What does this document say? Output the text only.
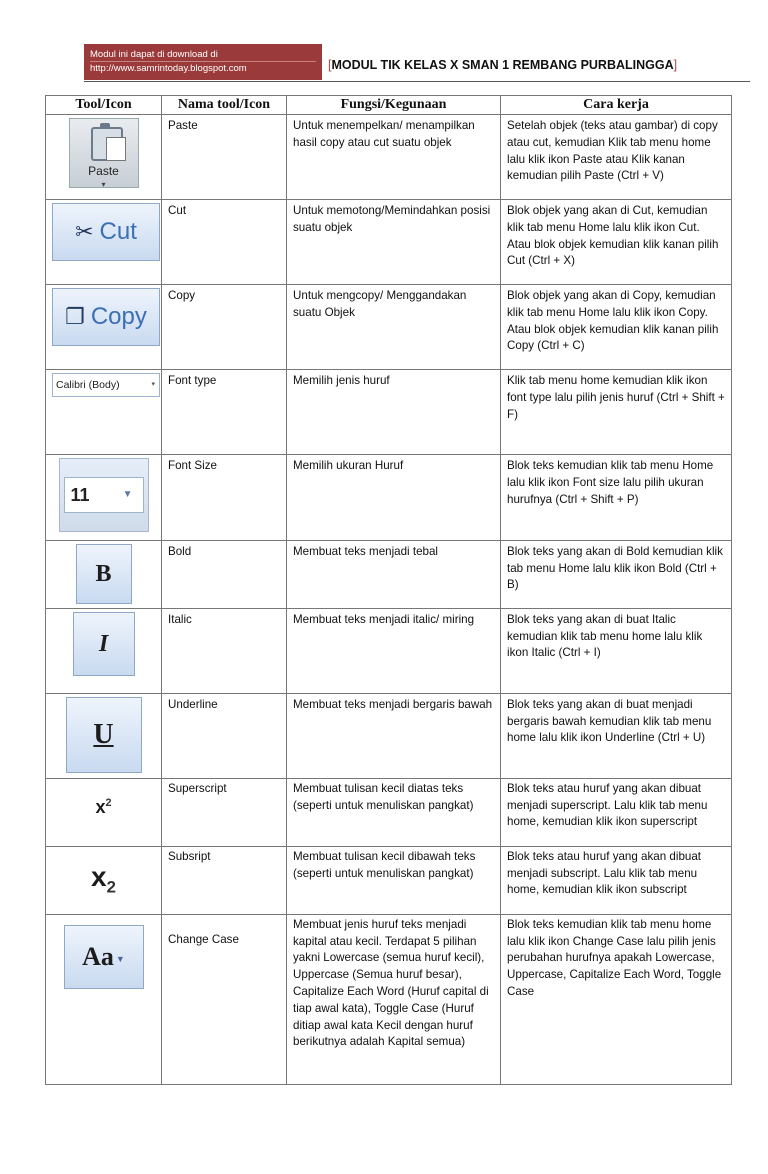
Modul ini dapat di download di
http://www.samrintoday.blogspot.com	[MODUL TIK KELAS X SMAN 1 REMBANG PURBALINGGA]
Tool/Icon	Nama tool/Icon	Fungsi/Kegunaan	Cara kerja

Paste
▾	Paste	Untuk menempelkan/ menampilkan hasil copy atau cut suatu objek	Setelah objek (teks atau gambar) di copy atau cut, kemudian Klik tab menu home lalu klik ikon Paste atau Klik kanan kemudian pilih Paste (Ctrl + V)
✂ Cut	Cut	Untuk memotong/Memindahkan posisi suatu objek	Blok objek yang akan di Cut, kemudian klik tab menu Home lalu klik ikon Cut. Atau blok objek kemudian klik kanan pilih Cut (Ctrl + X)
❐ Copy	Copy	Untuk mengcopy/ Menggandakan suatu Objek	Blok objek yang akan di Copy, kemudian klik tab menu Home lalu klik ikon Copy. Atau blok objek kemudian klik kanan pilih Copy (Ctrl + C)
Calibri (Body) ▾	Font type	Memilih jenis huruf	Klik tab menu home kemudian klik ikon font type lalu pilih jenis huruf (Ctrl + Shift + F)

11 ▼	Font Size	Memilih ukuran Huruf	Blok teks kemudian klik tab menu Home lalu klik ikon Font size lalu pilih ukuran hurufnya (Ctrl + Shift + P)
B	Bold	Membuat teks menjadi tebal	Blok teks yang akan di Bold kemudian klik tab menu Home lalu klik ikon Bold (Ctrl + B)
I	Italic	Membuat teks menjadi italic/ miring	Blok teks yang akan di buat Italic kemudian klik tab menu home lalu klik ikon Italic (Ctrl + I)
U	Underline	Membuat teks menjadi bergaris bawah	Blok teks yang akan di buat menjadi bergaris bawah kemudian klik tab menu home lalu klik ikon Underline (Ctrl + U)
$x^2$	Superscript	Membuat tulisan kecil diatas teks (seperti untuk menuliskan pangkat)	Blok teks atau huruf yang akan dibuat menjadi superscript. Lalu klik tab menu home, kemudian klik ikon superscript
$x_2$	Subsript	Membuat tulisan kecil dibawah teks (seperti untuk menuliskan pangkat)	Blok teks atau huruf yang akan dibuat menjadi subscript. Lalu klik tab menu home, kemudian klik ikon subscript
Aa ▼	Change Case	Membuat jenis huruf teks menjadi kapital atau kecil. Terdapat 5 pilihan yakni Lowercase (semua huruf kecil), Uppercase (Semua huruf besar), Capitalize Each Word (Huruf capital di tiap awal kata), Toggle Case (Huruf ditiap awal kata Kecil dengan huruf berikutnya adalah Kapital semua)	Blok teks kemudian klik tab menu home lalu klik ikon Change Case lalu pilih jenis perubahan hurufnya apakah Lowercase, Uppercase, Capitalize Each Word, Toggle Case
